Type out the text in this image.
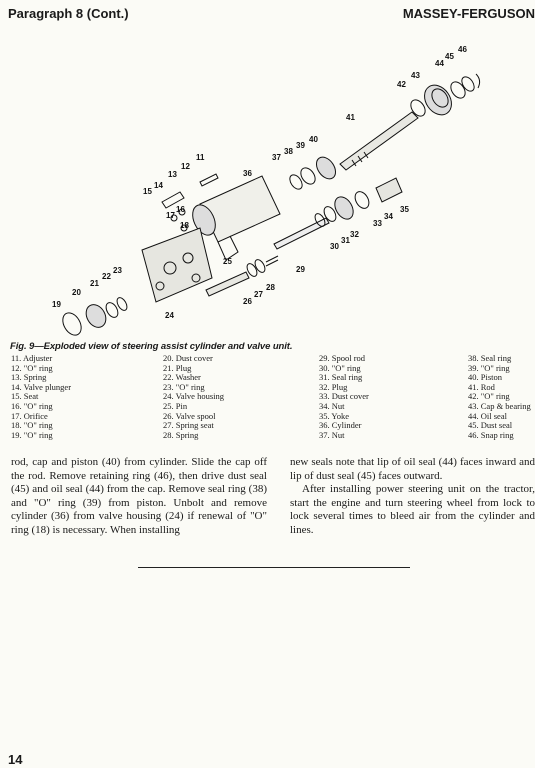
Paragraph 8 (Cont.)	MASSEY-FERGUSON
11
12
13
14
15
16
17
18
19
20
21
22
23
24
25
26
27
28
29
30
31
32
33
34
35
36
37
38
39
40
41
42
43
44
45
46
Fig. 9—Exploded view of steering assist cylinder and valve unit.
11. Adjuster
12. "O" ring
13. Spring
14. Valve plunger
15. Seat
16. "O" ring
17. Orifice
18. "O" ring
19. "O" ring
20. Dust cover
21. Plug
22. Washer
23. "O" ring
24. Valve housing
25. Pin
26. Valve spool
27. Spring seat
28. Spring
29. Spool rod
30. "O" ring
31. Seal ring
32. Plug
33. Dust cover
34. Nut
35. Yoke
36. Cylinder
37. Nut
38. Seal ring
39. "O" ring
40. Piston
41. Rod
42. "O" ring
43. Cap & bearing
44. Oil seal
45. Dust seal
46. Snap ring

rod, cap and piston (40) from cylinder. Slide the cap off the rod. Remove retaining ring (46), then drive dust seal (45) and oil seal (44) from the cap. Remove seal ring (38) and "O" ring (39) from piston. Unbolt and remove cylinder (36) from valve housing (24) if renewal of "O" ring (18) is necessary. When installing

new seals note that lip of oil seal (44) faces inward and lip of dust seal (45) faces outward.

After installing power steering unit on the tractor, start the engine and turn steering wheel from lock to lock several times to bleed air from the cylinder and lines.

14
